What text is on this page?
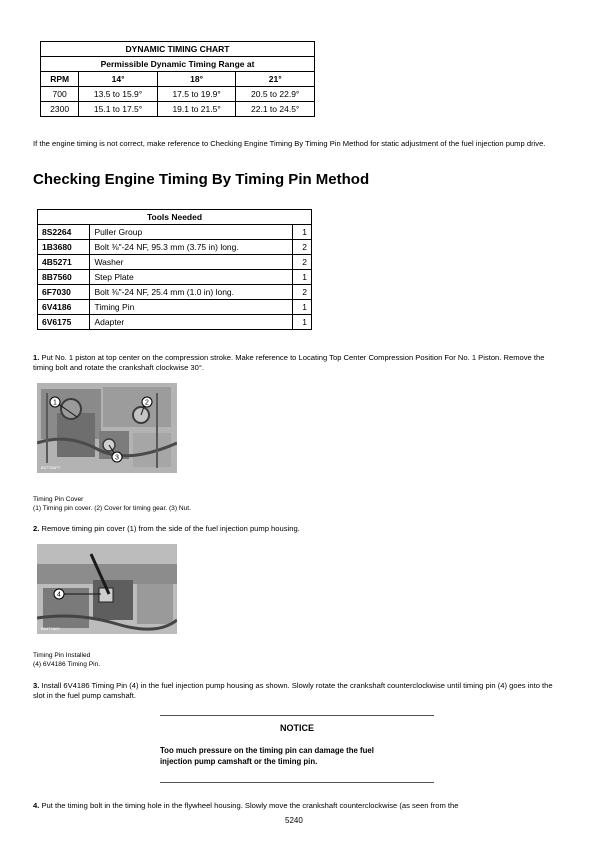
DYNAMIC TIMING CHART			
Permissible Dynamic Timing Range at			
RPM	14°	18°	21°
700	13.5 to 15.9°	17.5 to 19.9°	20.5 to 22.9°
2300	15.1 to 17.5°	19.1 to 21.5°	22.1 to 24.5°
If the engine timing is not correct, make reference to Checking Engine Timing By Timing Pin Method for static adjustment of the fuel injection pump drive.
Checking Engine Timing By Timing Pin Method
Tools Needed		
8S2264	Puller Group	1
1B3680	Bolt ⅜"-24 NF, 95.3 mm (3.75 in) long.	2
4B5271	Washer	2
8B7560	Step Plate	1
6F7030	Bolt ⅜"-24 NF, 25.4 mm (1.0 in) long.	2
6V4186	Timing Pin	1
6V6175	Adapter	1
1. Put No. 1 piston at top center on the compression stroke. Make reference to Locating Top Center Compression Position For No. 1 Piston. Remove the timing bolt and rotate the crankshaft clockwise 30°.
1	2
3
B0778APT
Timing Pin Cover
(1) Timing pin cover. (2) Cover for timing gear. (3) Nut.
2. Remove timing pin cover (1) from the side of the fuel injection pump housing.
4
B0477A07
Timing Pin Installed
(4) 6V4186 Timing Pin.
3. Install 6V4186 Timing Pin (4) in the fuel injection pump housing as shown. Slowly rotate the crankshaft counterclockwise until timing pin (4) goes into the slot in the fuel pump camshaft.
NOTICE
Too much pressure on the timing pin can damage the fuel
injection pump camshaft or the timing pin.
4. Put the timing bolt in the timing hole in the flywheel housing. Slowly move the crankshaft counterclockwise (as seen from the
5240
